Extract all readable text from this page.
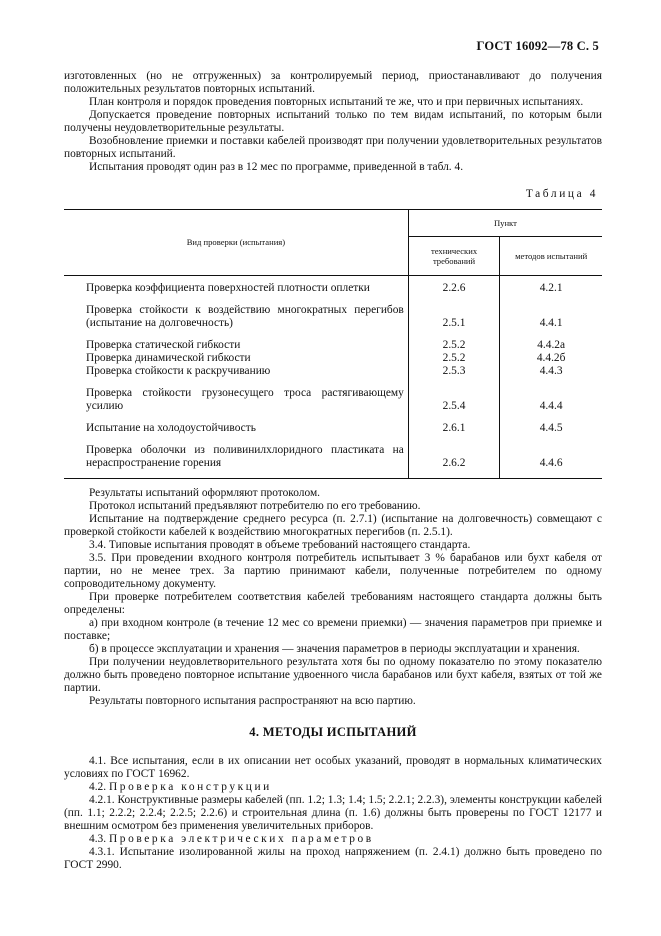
ГОСТ 16092—78 С. 5

изготовленных (но не отгруженных) за контролируемый период, приостанавливают до получения положительных результатов повторных испытаний.

План контроля и порядок проведения повторных испытаний те же, что и при первичных испытаниях.

Допускается проведение повторных испытаний только по тем видам испытаний, по которым были получены неудовлетворительные результаты.

Возобновление приемки и поставки кабелей производят при получении удовлетворительных результатов повторных испытаний.

Испытания проводят один раз в 12 мес по программе, приведенной в табл. 4.

Таблица 4
Вид проверки (испытания)	Пункт	
	технических требований	методов испытаний
Проверка коэффициента поверхностей плотности оплетки	2.2.6	4.2.1
Проверка стойкости к воздействию многократных перегибов (испытание на долговечность)	2.5.1	4.4.1
Проверка статической гибкости	2.5.2	4.4.2а
Проверка динамической гибкости	2.5.2	4.4.2б
Проверка стойкости к раскручиванию	2.5.3	4.4.3
Проверка стойкости грузонесущего троса растягивающему усилию	2.5.4	4.4.4
Испытание на холодоустойчивость	2.6.1	4.4.5
Проверка оболочки из поливинилхлоридного пластиката на нераспространение горения	2.6.2	4.4.6

Результаты испытаний оформляют протоколом.

Протокол испытаний предъявляют потребителю по его требованию.

Испытание на подтверждение среднего ресурса (п. 2.7.1) (испытание на долговечность) совмещают с проверкой стойкости кабелей к воздействию многократных перегибов (п. 2.5.1).

3.4. Типовые испытания проводят в объеме требований настоящего стандарта.

3.5. При проведении входного контроля потребитель испытывает 3 % барабанов или бухт кабеля от партии, но не менее трех. За партию принимают кабели, полученные потребителем по одному сопроводительному документу.

При проверке потребителем соответствия кабелей требованиям настоящего стандарта должны быть определены:

а) при входном контроле (в течение 12 мес со времени приемки) — значения параметров при приемке и поставке;

б) в процессе эксплуатации и хранения — значения параметров в периоды эксплуатации и хранения.

При получении неудовлетворительного результата хотя бы по одному показателю по этому показателю должно быть проведено повторное испытание удвоенного числа барабанов или бухт кабеля, взятых от той же партии.

Результаты повторного испытания распространяют на всю партию.

4. МЕТОДЫ ИСПЫТАНИЙ

4.1. Все испытания, если в их описании нет особых указаний, проводят в нормальных климатических условиях по ГОСТ 16962.

4.2. Проверка конструкции

4.2.1. Конструктивные размеры кабелей (пп. 1.2; 1.3; 1.4; 1.5; 2.2.1; 2.2.3), элементы конструкции кабелей (пп. 1.1; 2.2.2; 2.2.4; 2.2.5; 2.2.6) и строительная длина (п. 1.6) должны быть проверены по ГОСТ 12177 и внешним осмотром без применения увеличительных приборов.

4.3. Проверка электрических параметров

4.3.1. Испытание изолированной жилы на проход напряжением (п. 2.4.1) должно быть проведено по ГОСТ 2990.
